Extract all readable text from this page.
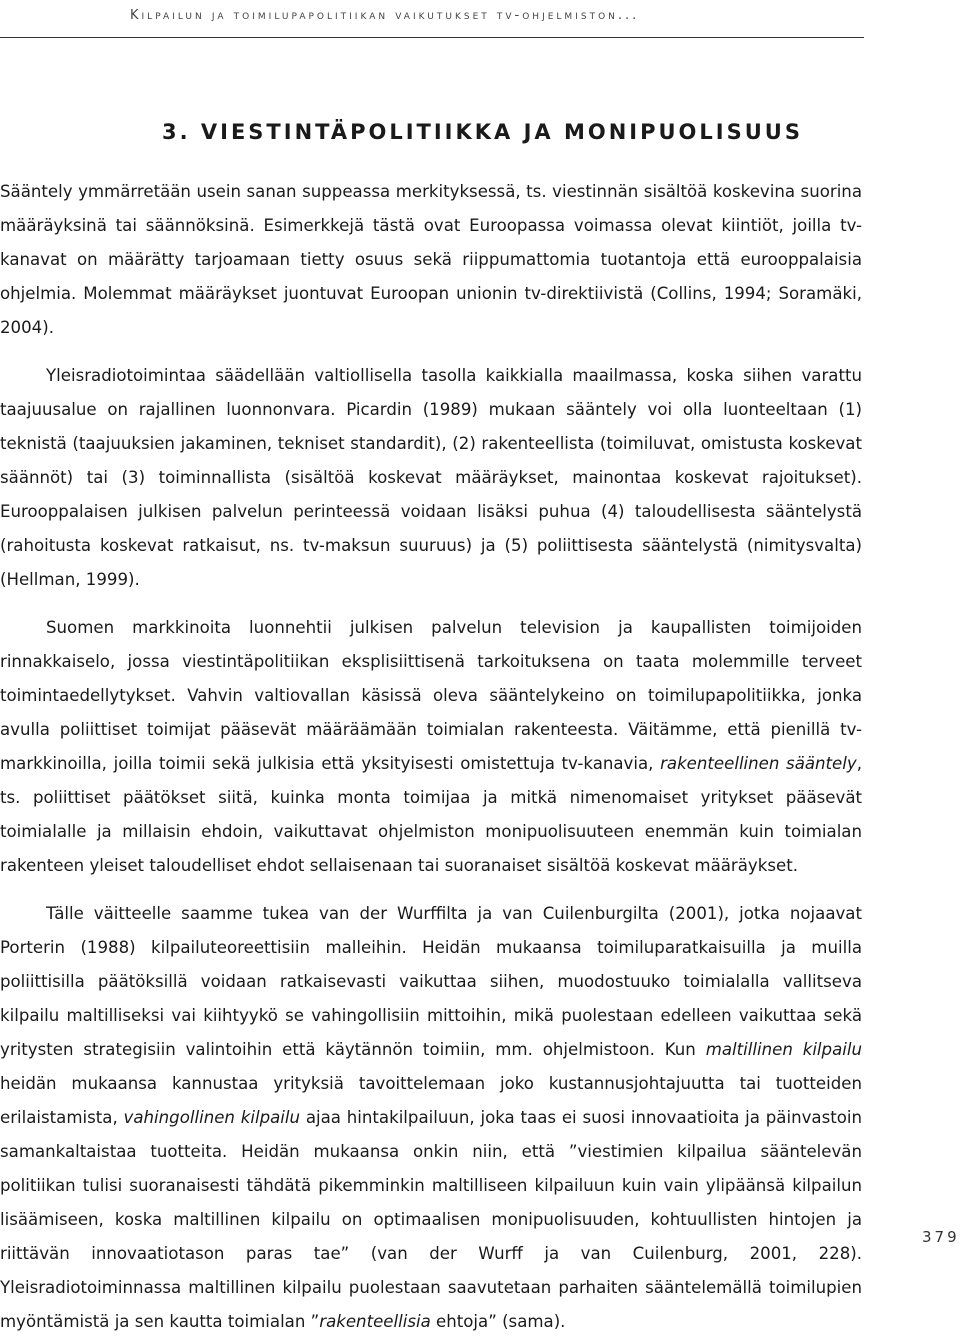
Kilpailun ja toimilupapolitiikan vaikutukset tv-ohjelmiston...
3. VIESTINTÄPOLITIIKKA JA MONIPUOLISUUS

Sääntely ymmärretään usein sanan suppeassa merkityksessä, ts. viestinnän sisältöä koskevina suorina määräyksinä tai säännöksinä. Esimerkkejä tästä ovat Euroopassa voimassa olevat kiintiöt, joilla tv-kanavat on määrätty tarjoamaan tietty osuus sekä riippumattomia tuotantoja että eurooppalaisia ohjelmia. Molemmat määräykset juontuvat Euroopan unionin tv-direktiivistä (Collins, 1994; Soramäki, 2004).

Yleisradiotoimintaa säädellään valtiollisella tasolla kaikkialla maailmassa, koska siihen varattu taajuusalue on rajallinen luonnonvara. Picardin (1989) mukaan sääntely voi olla luonteeltaan (1) teknistä (taajuuksien jakaminen, tekniset standardit), (2) rakenteellista (toimiluvat, omistusta koskevat säännöt) tai (3) toiminnallista (sisältöä koskevat määräykset, mainontaa koskevat rajoitukset). Eurooppalaisen julkisen palvelun perinteessä voidaan lisäksi puhua (4) taloudellisesta sääntelystä (rahoitusta koskevat ratkaisut, ns. tv-maksun suuruus) ja (5) poliittisesta sääntelystä (nimitysvalta) (Hellman, 1999).

Suomen markkinoita luonnehtii julkisen palvelun television ja kaupallisten toimijoiden rinnakkaiselo, jossa viestintäpolitiikan eksplisiittisenä tarkoituksena on taata molemmille terveet toimintaedellytykset. Vahvin valtiovallan käsissä oleva sääntelykeino on toimilupapolitiikka, jonka avulla poliittiset toimijat pääsevät määräämään toimialan rakenteesta. Väitämme, että pienillä tv-markkinoilla, joilla toimii sekä julkisia että yksityisesti omistettuja tv-kanavia, rakenteellinen sääntely, ts. poliittiset päätökset siitä, kuinka monta toimijaa ja mitkä nimenomaiset yritykset pääsevät toimialalle ja millaisin ehdoin, vaikuttavat ohjelmiston monipuolisuuteen enemmän kuin toimialan rakenteen yleiset taloudelliset ehdot sellaisenaan tai suoranaiset sisältöä koskevat määräykset.

Tälle väitteelle saamme tukea van der Wurffilta ja van Cuilenburgilta (2001), jotka nojaavat Porterin (1988) kilpailuteoreettisiin malleihin. Heidän mukaansa toimiluparatkaisuilla ja muilla poliittisilla päätöksillä voidaan ratkaisevasti vaikuttaa siihen, muodostuuko toimialalla vallitseva kilpailu maltilliseksi vai kiihtyykö se vahingollisiin mittoihin, mikä puolestaan edelleen vaikuttaa sekä yritysten strategisiin valintoihin että käytännön toimiin, mm. ohjelmistoon. Kun maltillinen kilpailu heidän mukaansa kannustaa yrityksiä tavoittelemaan joko kustannusjohtajuutta tai tuotteiden erilaistamista, vahingollinen kilpailu ajaa hintakilpailuun, joka taas ei suosi innovaatioita ja päinvastoin samankaltaistaa tuotteita. Heidän mukaansa onkin niin, että ”viestimien kilpailua sääntelevän politiikan tulisi suoranaisesti tähdätä pikemminkin maltilliseen kilpailuun kuin vain ylipäänsä kilpailun lisäämiseen, koska maltillinen kilpailu on optimaalisen monipuolisuuden, kohtuullisten hintojen ja riittävän innovaatiotason paras tae” (van der Wurff ja van Cuilenburg, 2001, 228). Yleisradiotoiminnassa maltillinen kilpailu puolestaan saavutetaan parhaiten sääntelemällä toimilupien myöntämistä ja sen kautta toimialan ”rakenteellisia ehtoja” (sama).

379
